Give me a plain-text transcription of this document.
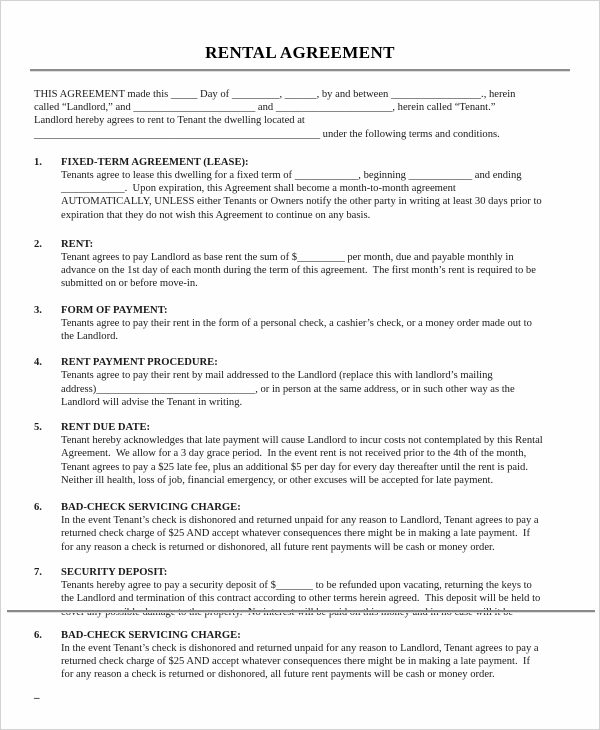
RENTAL AGREEMENT
THIS AGREEMENT made this _____ Day of _________, ______, by and between _________________., herein
called “Landlord,” and _______________________ and ______________________, herein called “Tenant.”
Landlord hereby agrees to rent to Tenant the dwelling located at
______________________________________________________ under the following terms and conditions.
1. FIXED-TERM AGREEMENT (LEASE):
Tenants agree to lease this dwelling for a fixed term of ____________, beginning ____________ and ending
____________.  Upon expiration, this Agreement shall become a month-to-month agreement
AUTOMATICALLY, UNLESS either Tenants or Owners notify the other party in writing at least 30 days prior to
expiration that they do not wish this Agreement to continue on any basis.
2. RENT:
Tenant agrees to pay Landlord as base rent the sum of $_________ per month, due and payable monthly in
advance on the 1st day of each month during the term of this agreement.  The first month’s rent is required to be
submitted on or before move-in.
3. FORM OF PAYMENT:
Tenants agree to pay their rent in the form of a personal check, a cashier’s check, or a money order made out to
the Landlord.
4. RENT PAYMENT PROCEDURE:
Tenants agree to pay their rent by mail addressed to the Landlord (replace this with landlord’s mailing
address)______________________________, or in person at the same address, or in such other way as the
Landlord will advise the Tenant in writing.
5. RENT DUE DATE:
Tenant hereby acknowledges that late payment will cause Landlord to incur costs not contemplated by this Rental
Agreement.  We allow for a 3 day grace period.  In the event rent is not received prior to the 4th of the month,
Tenant agrees to pay a $25 late fee, plus an additional $5 per day for every day thereafter until the rent is paid.
Neither ill health, loss of job, financial emergency, or other excuses will be accepted for late payment.
6. BAD-CHECK SERVICING CHARGE:
In the event Tenant’s check is dishonored and returned unpaid for any reason to Landlord, Tenant agrees to pay a
returned check charge of $25 AND accept whatever consequences there might be in making a late payment.  If
for any reason a check is returned or dishonored, all future rent payments will be cash or money order.
7. SECURITY DEPOSIT:
Tenants hereby agree to pay a security deposit of $_______ to be refunded upon vacating, returning the keys to
the Landlord and termination of this contract according to other terms herein agreed.  This deposit will be held to
6. BAD-CHECK SERVICING CHARGE:
In the event Tenant’s check is dishonored and returned unpaid for any reason to Landlord, Tenant agrees to pay a
returned check charge of $25 AND accept whatever consequences there might be in making a late payment.  If
for any reason a check is returned or dishonored, all future rent payments will be cash or money order.
–
